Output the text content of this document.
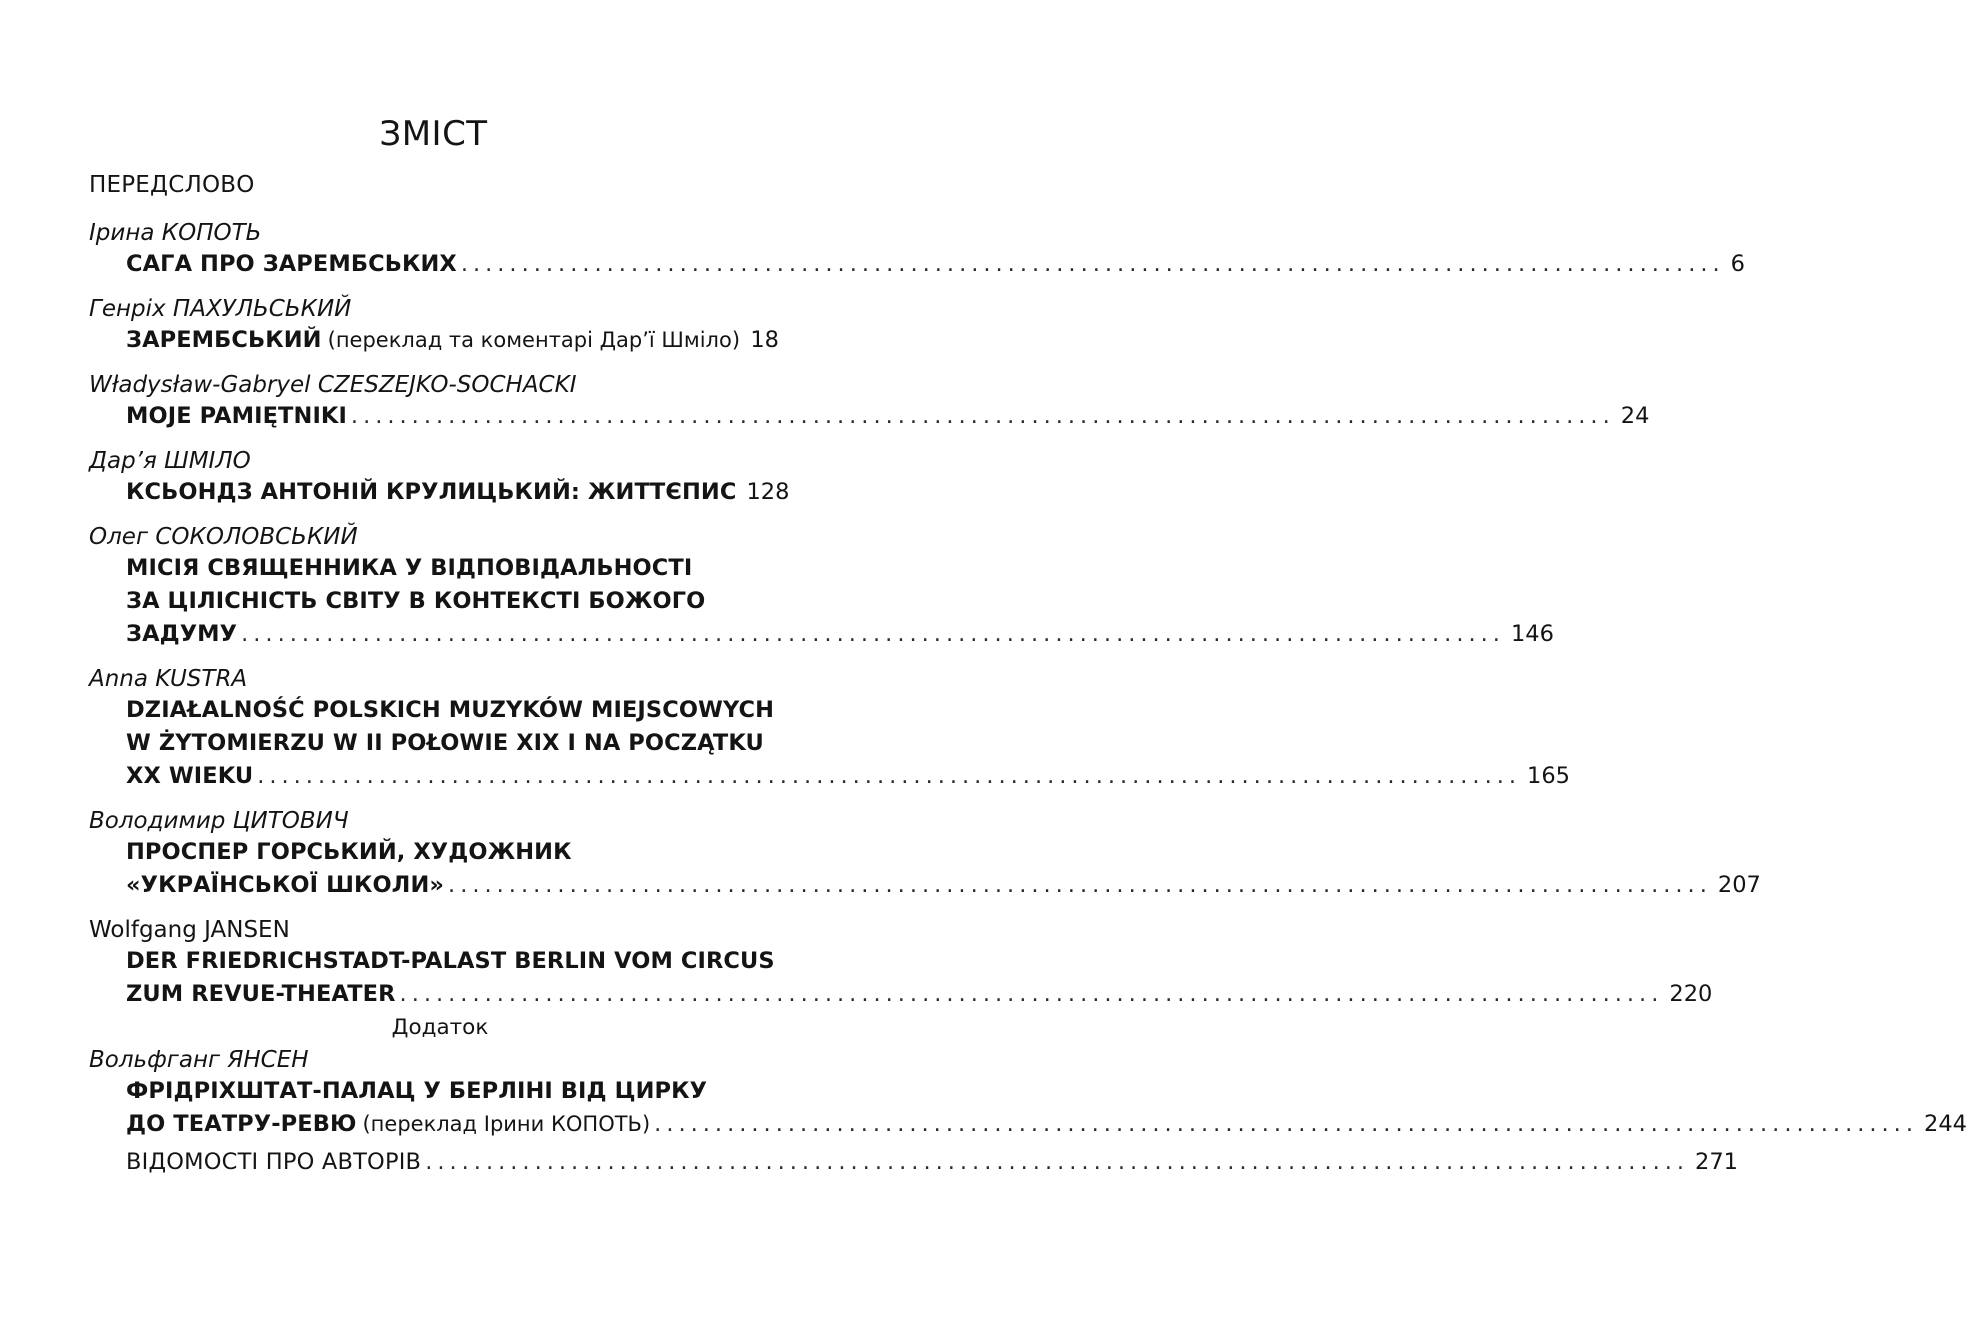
ЗМІСТ
ПЕРЕДСЛОВО
Ірина КОПОТЬ
САГА ПРО ЗАРЕМБСЬКИХ ........................................................................................................ 6
Генріх ПАХУЛЬСЬКИЙ
ЗАРЕМБСЬКИЙ (переклад та коментарі Дар’ї Шміло) 18
Władysław-Gabryel CZESZEJKO-SOCHACKI
MOJE PAMIĘTNIKI ........................................................................................................ 24
Дар’я ШМІЛО
КСЬОНДЗ АНТОНІЙ КРУЛИЦЬКИЙ: ЖИТТЄПИС 128
Олег СОКОЛОВСЬКИЙ
МІСІЯ СВЯЩЕННИКА У ВІДПОВІДАЛЬНОСТІ
ЗА ЦІЛІСНІСТЬ СВІТУ В КОНТЕКСТІ БОЖОГО
ЗАДУМУ ........................................................................................................ 146
Anna KUSTRA
DZIAŁALNOŚĆ POLSKICH MUZYKÓW MIEJSCOWYCH
W ŻYTOMIERZU W II POŁOWIE XIX I NA POCZĄTKU
XX WIEKU ........................................................................................................ 165
Володимир ЦИТОВИЧ
ПРОСПЕР ГОРСЬКИЙ, ХУДОЖНИК
«УКРАЇНСЬКОЇ ШКОЛИ» ........................................................................................................ 207
Wolfgang JANSEN
DER FRIEDRICHSTADT-PALAST BERLIN VOM CIRCUS
ZUM REVUE-THEATER ........................................................................................................ 220
Додаток
Вольфганг ЯНСЕН
ФРІДРІХШТАТ-ПАЛАЦ У БЕРЛІНІ ВІД ЦИРКУ
ДО ТЕАТРУ-РЕВЮ (переклад Ірини КОПОТЬ) ........................................................................................................ 244
ВІДОМОСТІ ПРО АВТОРІВ ........................................................................................................ 271
